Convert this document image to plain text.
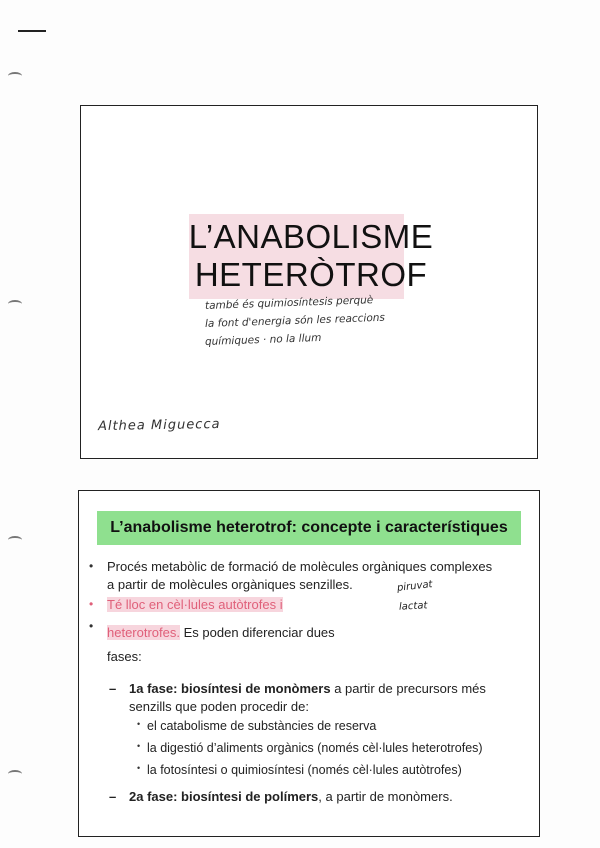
L’ANABOLISME
HETERÒTROF
també és quimiosíntesis perquè
la font d'energia són les reaccions
químiques · no la llum
Althea Miguecca
L’anabolisme heterotrof: concepte i característiques
• Procés metabòlic de formació de molècules orgàniques complexes
a partir de molècules orgàniques senzilles.	piruvat
lactat
• Té lloc en cèl·lules autòtrofes i
• heterotrofes. Es poden diferenciar dues
fases:
– 1a fase: biosíntesi de monòmers a partir de precursors més
senzills que poden procedir de:
• el catabolisme de substàncies de reserva
• la digestió d’aliments orgànics (només cèl·lules heterotrofes)
• la fotosíntesi o quimiosíntesi (només cèl·lules autòtrofes)
– 2a fase: biosíntesi de polímers, a partir de monòmers.
